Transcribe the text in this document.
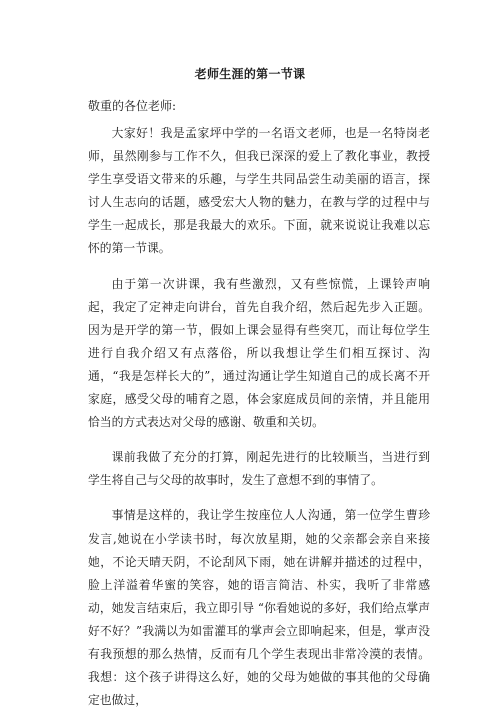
老师生涯的第一节课
敬重的各位老师:

大家好！我是孟家坪中学的一名语文老师，也是一名特岗老师，虽然刚参与工作不久，但我已深深的爱上了教化事业，教授学生享受语文带来的乐趣，与学生共同品尝生动美丽的语言，探讨人生志向的话题，感受宏大人物的魅力，在教与学的过程中与学生一起成长，那是我最大的欢乐。下面，就来说说让我难以忘怀的第一节课。

由于第一次讲课，我有些激烈，又有些惊慌，上课铃声响起，我定了定神走向讲台，首先自我介绍，然后起先步入正题。因为是开学的第一节，假如上课会显得有些突兀，而让每位学生进行自我介绍又有点落俗，所以我想让学生们相互探讨、沟通，“我是怎样长大的”，通过沟通让学生知道自己的成长离不开家庭，感受父母的哺育之恩，体会家庭成员间的亲情，并且能用恰当的方式表达对父母的感谢、敬重和关切。

课前我做了充分的打算，刚起先进行的比较顺当，当进行到学生将自己与父母的故事时，发生了意想不到的事情了。

事情是这样的，我让学生按座位人人沟通，第一位学生曹珍发言,她说在小学读书时，每次放星期，她的父亲都会亲自来接她，不论天晴天阴，不论刮风下雨，她在讲解并描述的过程中，脸上洋溢着华蜜的笑容，她的语言简洁、朴实，我听了非常感动，她发言结束后，我立即引导 “你看她说的多好，我们给点掌声好不好？”我满以为如雷灌耳的掌声会立即响起来，但是，掌声没有我预想的那么热情，反而有几个学生表现出非常冷漠的表情。我想：这个孩子讲得这么好，她的父母为她做的事其他的父母确定也做过，
